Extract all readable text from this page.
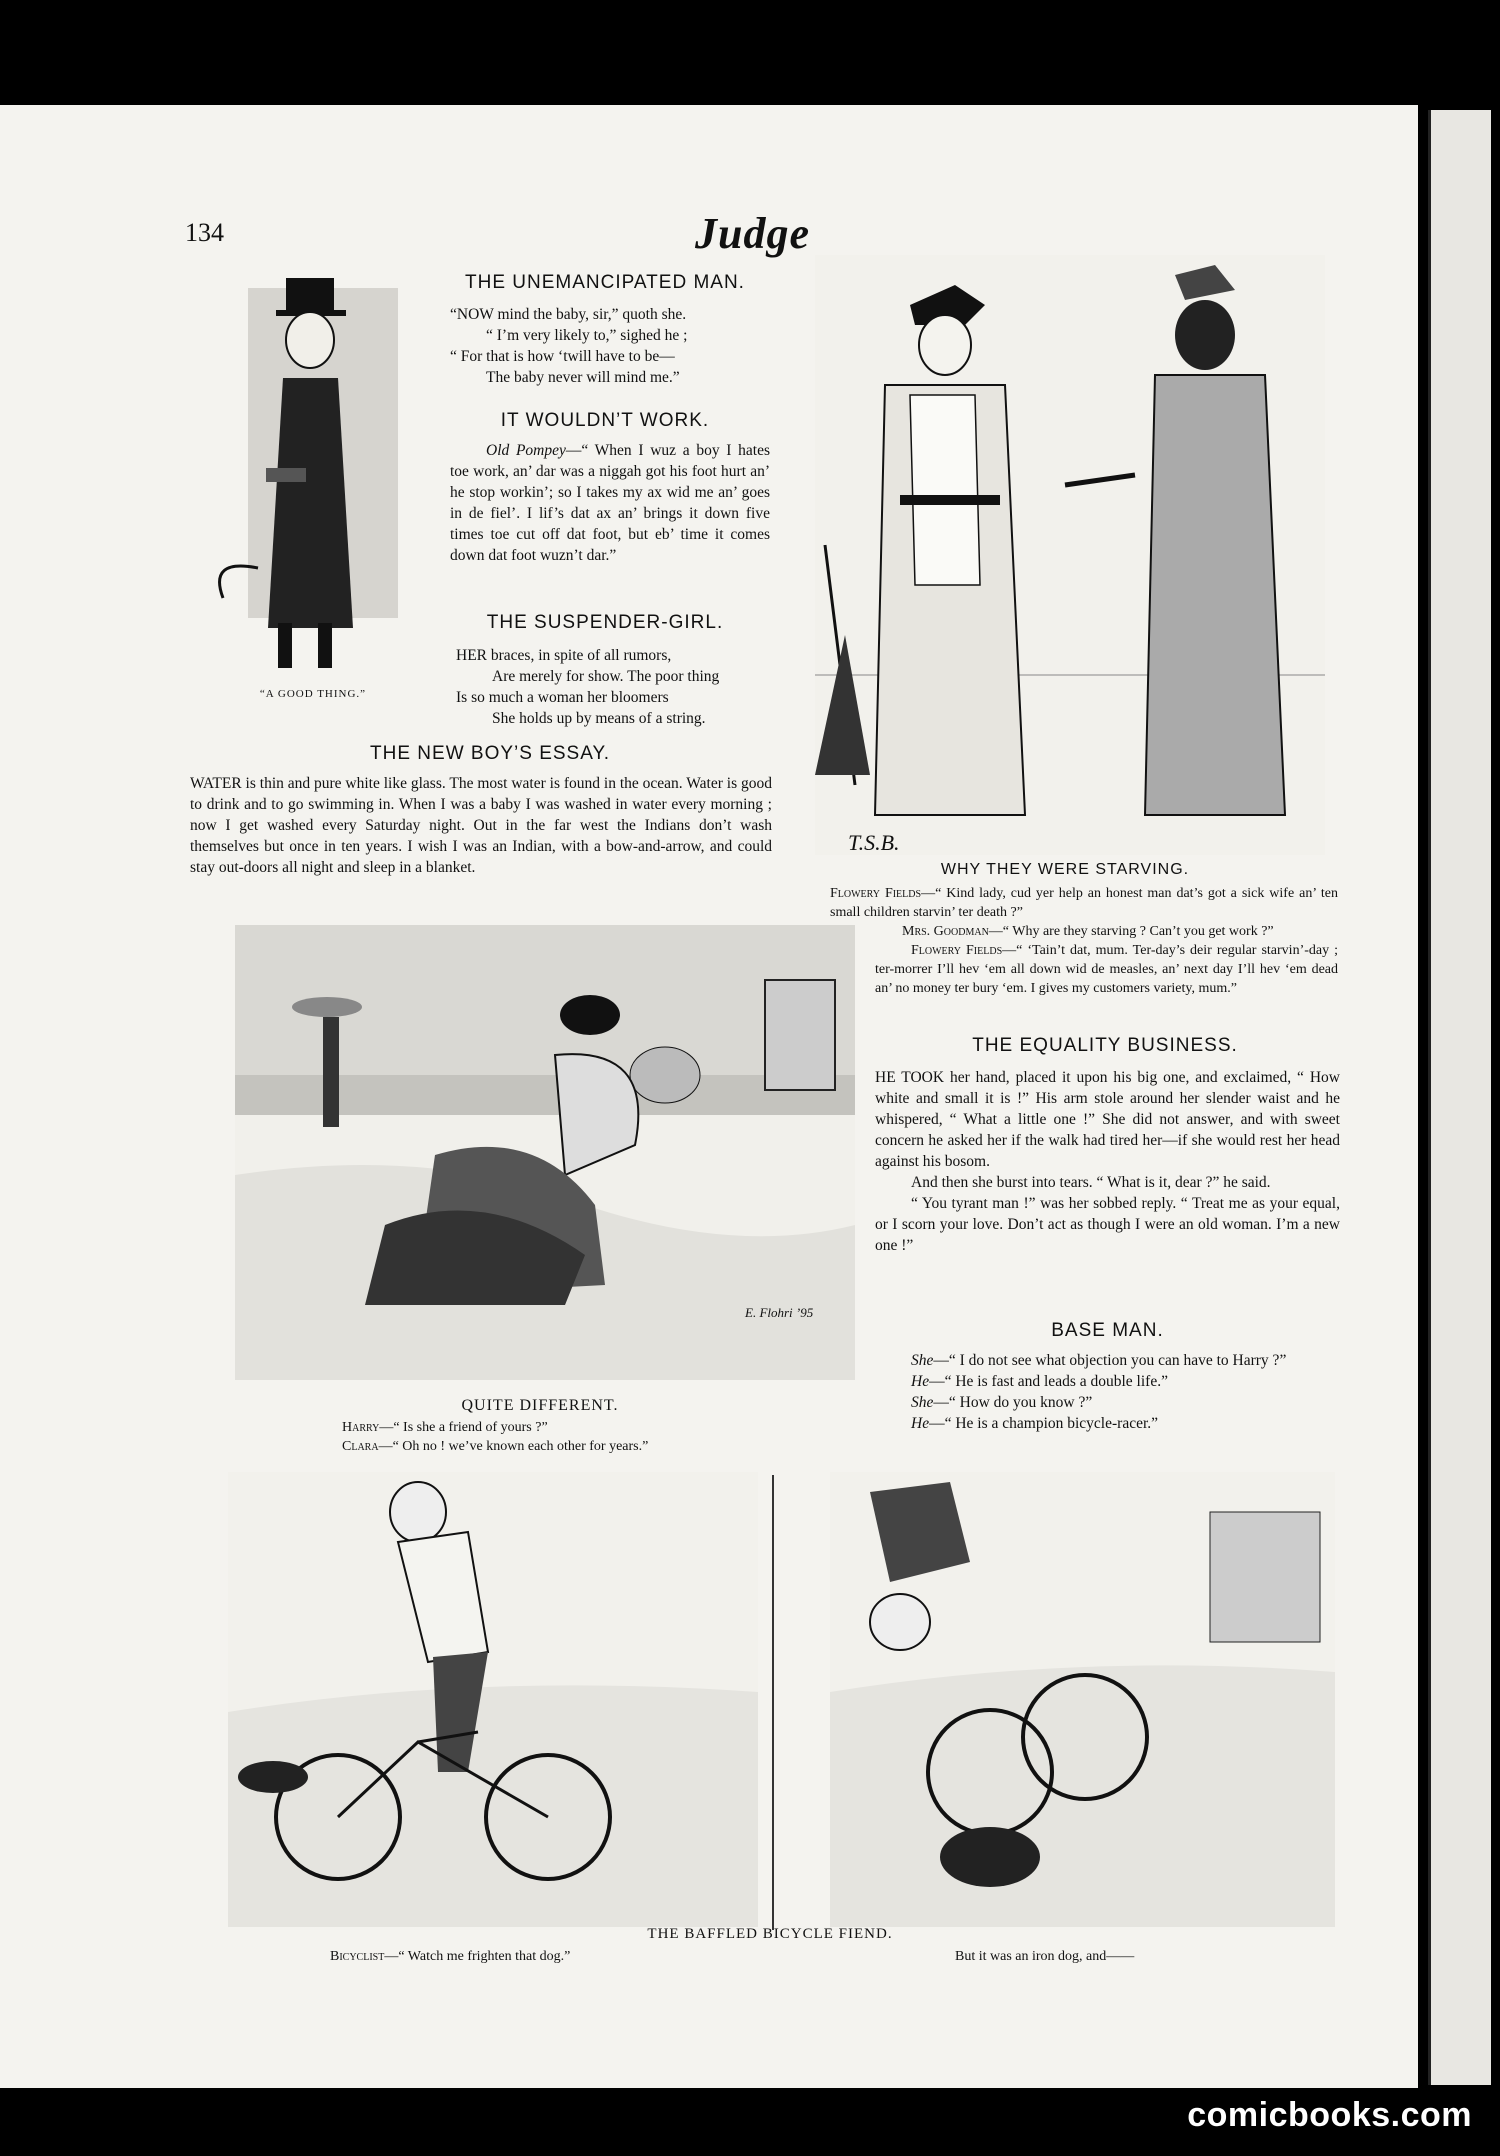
comicbooks.com
134	Judge
“A GOOD THING.”
THE UNEMANCIPATED MAN.
“NOW mind the baby, sir,” quoth she.
“ I’m very likely to,” sighed he ;
“ For that is how ‘twill have to be—
The baby never will mind me.”
IT WOULDN’T WORK.

Old Pompey—“ When I wuz a boy I hates toe work, an’ dar was a niggah got his foot hurt an’ he stop workin’; so I takes my ax wid me an’ goes in de fiel’. I lif’s dat ax an’ brings it down five times toe cut off dat foot, but eb’ time it comes down dat foot wuzn’t dar.”

THE SUSPENDER-GIRL.
HER braces, in spite of all rumors,
Are merely for show. The poor thing
Is so much a woman her bloomers
She holds up by means of a string.
THE NEW BOY’S ESSAY.
WATER is thin and pure white like glass. The most water is found in the ocean. Water is good to drink and to go swimming in. When I was a baby I was washed in water every morning ; now I get washed every Saturday night. Out in the far west the Indians don’t wash themselves but once in ten years. I wish I was an Indian, with a bow-and-arrow, and could stay out-doors all night and sleep in a blanket.
T.S.B.
WHY THEY WERE STARVING.

Flowery Fields—“ Kind lady, cud yer help an honest man dat’s got a sick wife an’ ten small children starvin’ ter death ?”

Mrs. Goodman—“ Why are they starving ? Can’t you get work ?”

Flowery Fields—“ ‘Tain’t dat, mum. Ter-day’s deir regular starvin’-day ; ter-morrer I’ll hev ‘em all down wid de measles, an’ next day I’ll hev ‘em dead an’ no money ter bury ‘em. I gives my customers variety, mum.”

THE EQUALITY BUSINESS.

HE TOOK her hand, placed it upon his big one, and exclaimed, “ How white and small it is !” His arm stole around her slender waist and he whispered, “ What a little one !” She did not answer, and with sweet concern he asked her if the walk had tired her—if she would rest her head against his bosom.

And then she burst into tears. “ What is it, dear ?” he said.

“ You tyrant man !” was her sobbed reply. “ Treat me as your equal, or I scorn your love. Don’t act as though I were an old woman. I’m a new one !”

BASE MAN.

She—“ I do not see what objection you can have to Harry ?”

He—“ He is fast and leads a double life.”

She—“ How do you know ?”

He—“ He is a champion bicycle-racer.”

E. Flohri ’95
QUITE DIFFERENT.

Harry—“ Is she a friend of yours ?”

Clara—“ Oh no ! we’ve known each other for years.”

THE BAFFLED BICYCLE FIEND.
Bicyclist—“ Watch me frighten that dog.”	But it was an iron dog, and——
